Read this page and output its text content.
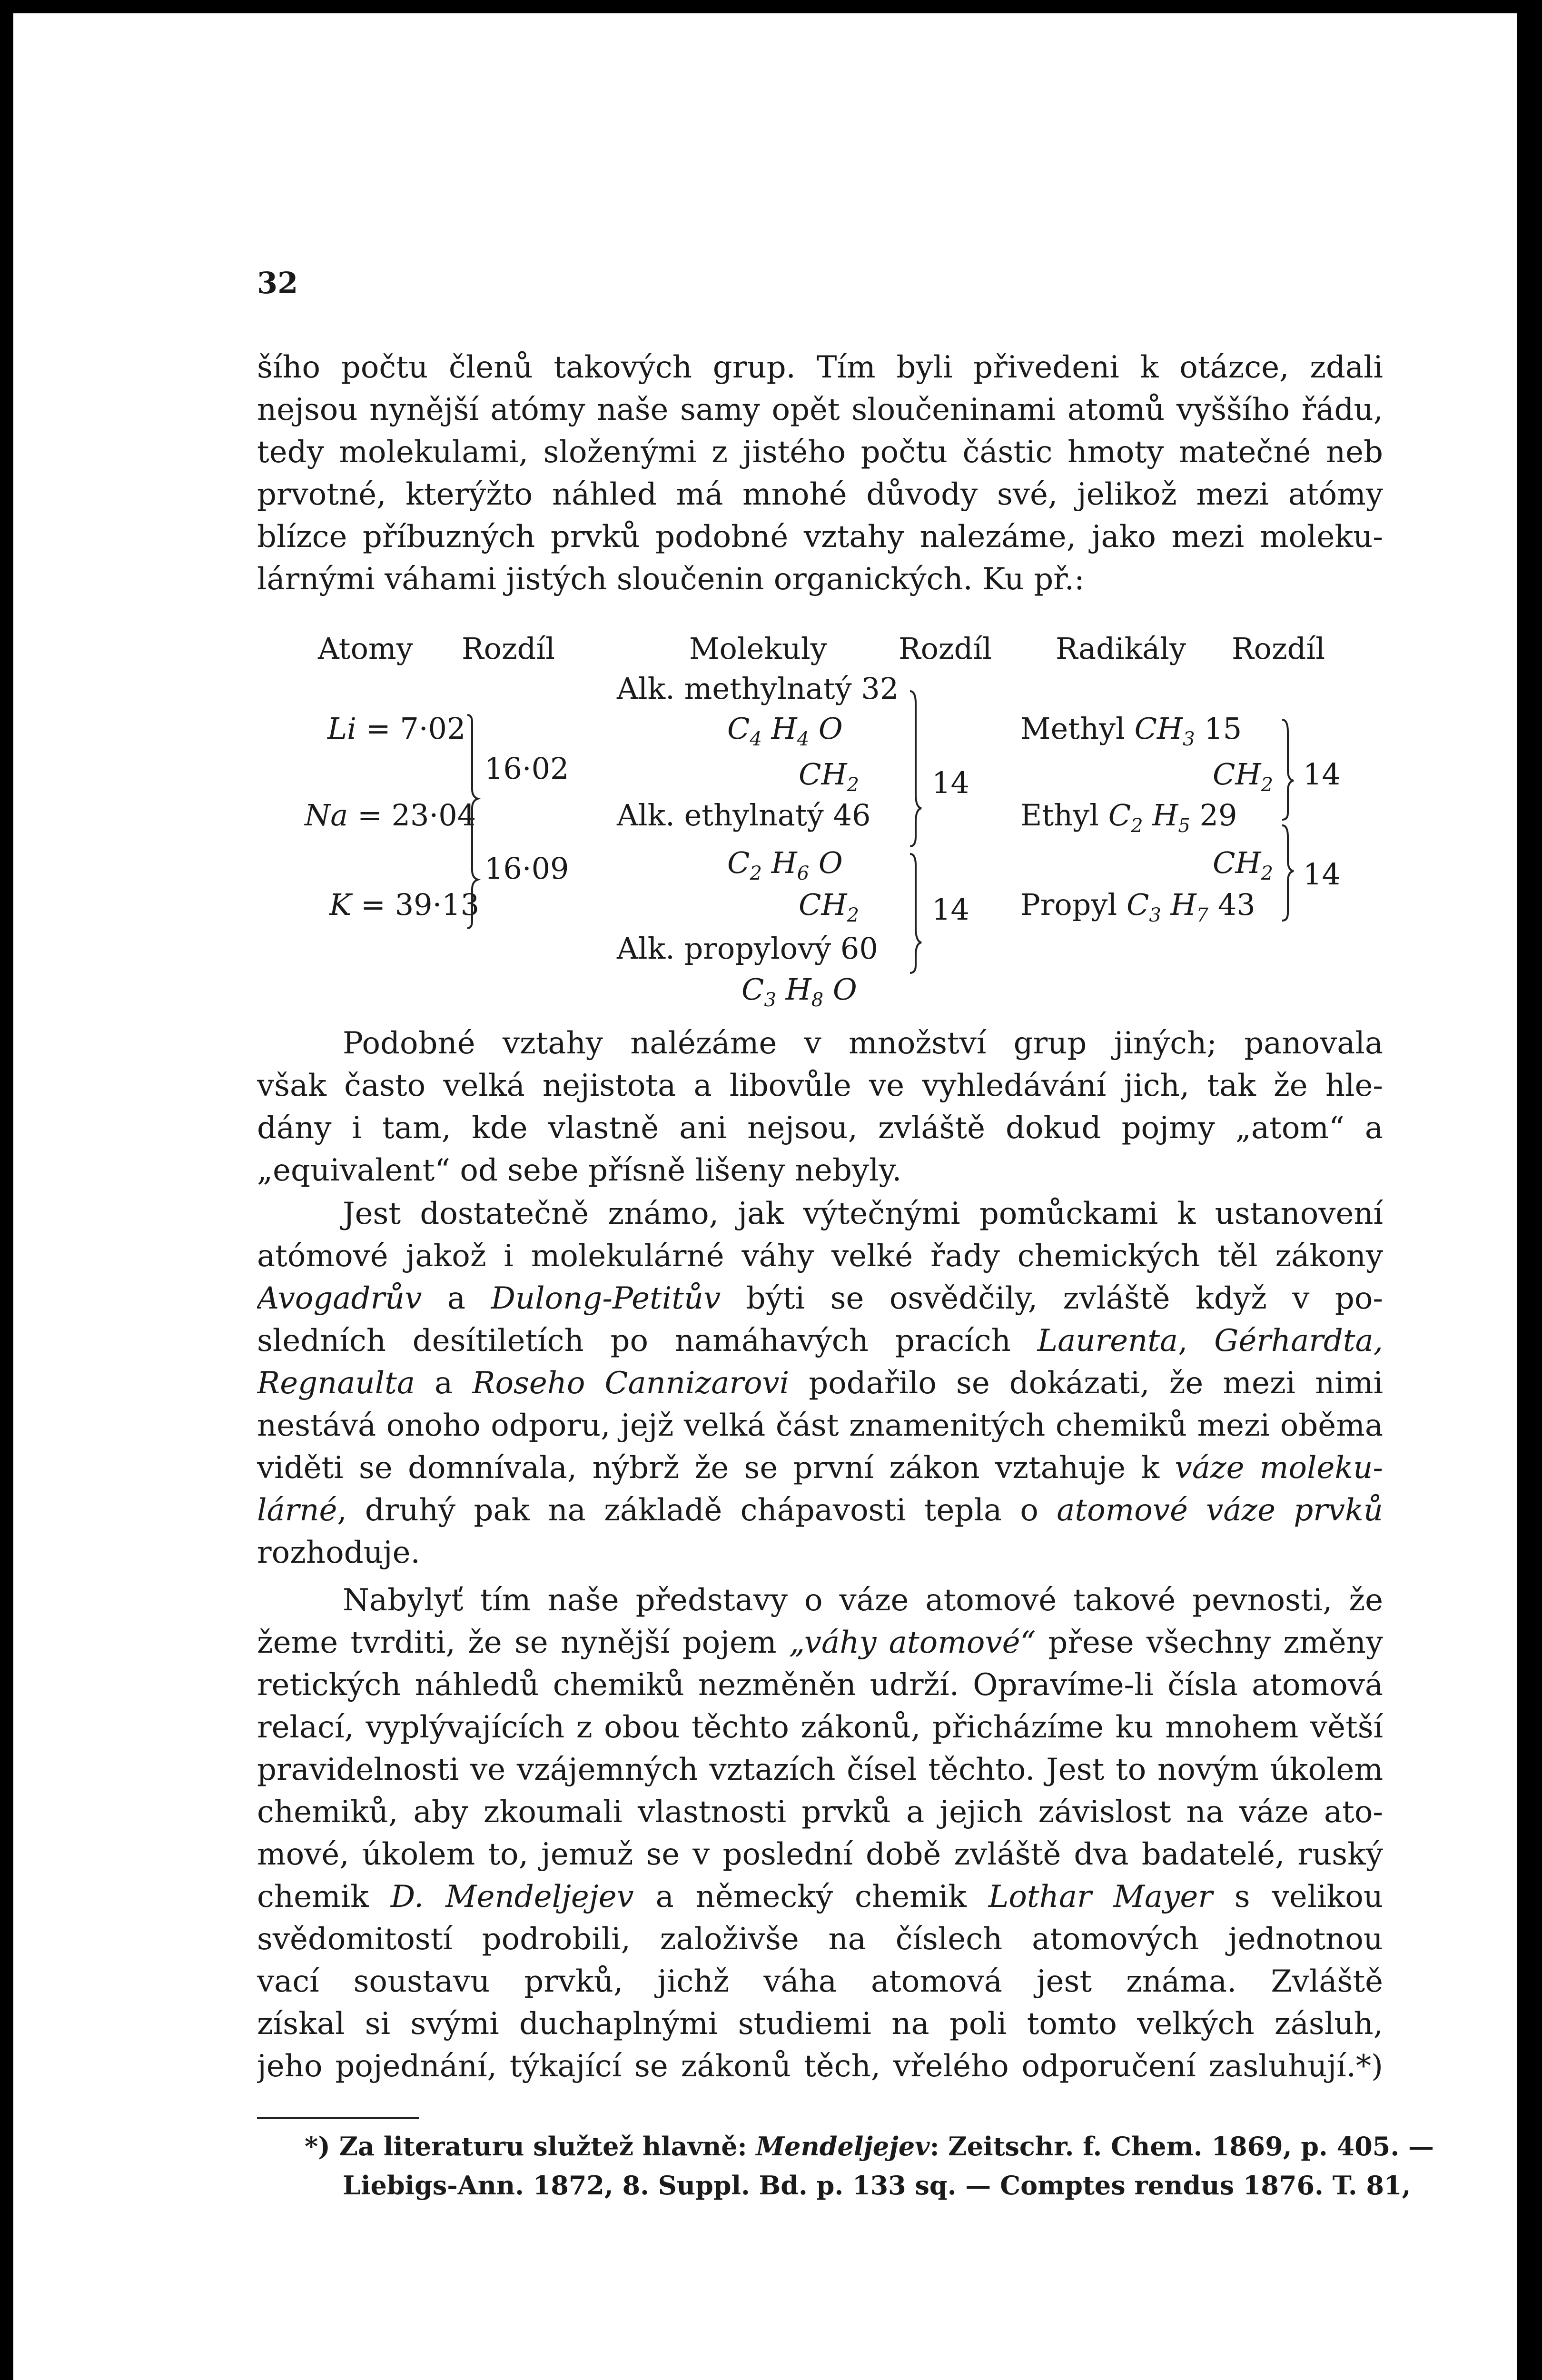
32
šího počtu členů takových grup. Tím byli přivedeni k otázce, zdali
nejsou nynější atómy naše samy opět sloučeninami atomů vyššího řádu,
tedy molekulami, složenými z jistého počtu částic hmoty matečné neb
prvotné, kterýžto náhled má mnohé důvody své, jelikož mezi atómy
blízce příbuzných prvků podobné vztahy nalezáme, jako mezi moleku-
lárnými váhami jistých sloučenin organických. Ku př.:
Atomy Rozdíl	Molekuly Rozdíl Radikály Rozdíl
Li = 7·02
Na = 23·04
K = 39·13
16·02
16·09
Alk. methylnatý 32
$C_4$ $H_4$ O
$CH_2$
Alk. ethylnatý 46
$C_2$ $H_6$ O
$CH_2$
Alk. propylový 60
$C_3$ $H_8$ O
14
14
Methyl $CH_3$ 15
$CH_2$
Ethyl $C_2$ $H_5$ 29
$CH_2$
Propyl $C_3$ $H_7$ 43
14
14
Podobné vztahy nalézáme v množství grup jiných; panovala
však často velká nejistota a libovůle ve vyhledávání jich, tak že hle-
dány i tam, kde vlastně ani nejsou, zvláště dokud pojmy „atom“ a
„equivalent“ od sebe přísně lišeny nebyly.
Jest dostatečně známo, jak výtečnými pomůckami k ustanovení
atómové jakož i molekulárné váhy velké řady chemických těl zákony
Avogadrův a Dulong-Petitův býti se osvědčily, zvláště když v po-
sledních desítiletích po namáhavých pracích Laurenta, Gérhardta,
Regnaulta a Roseho Cannizarovi podařilo se dokázati, že mezi nimi
nestává onoho odporu, jejž velká část znamenitých chemiků mezi oběma
viděti se domnívala, nýbrž že se první zákon vztahuje k váze moleku-
lárné, druhý pak na základě chápavosti tepla o atomové váze prvků
rozhoduje.
Nabylyť tím naše představy o váze atomové takové pevnosti, že
žeme tvrditi, že se nynější pojem „váhy atomové“ přese všechny změny
retických náhledů chemiků nezměněn udrží. Opravíme-li čísla atomová
relací, vyplývajících z obou těchto zákonů, přicházíme ku mnohem větší
pravidelnosti ve vzájemných vztazích čísel těchto. Jest to novým úkolem
chemiků, aby zkoumali vlastnosti prvků a jejich závislost na váze ato-
mové, úkolem to, jemuž se v poslední době zvláště dva badatelé, ruský
chemik D. Mendeljejev a německý chemik Lothar Mayer s velikou
svědomitostí podrobili, založivše na číslech atomových jednotnou
vací soustavu prvků, jichž váha atomová jest známa. Zvláště
získal si svými duchaplnými studiemi na poli tomto velkých zásluh,
jeho pojednání, týkající se zákonů těch, vřelého odporučení zasluhují.*)
*) Za literaturu služtež hlavně: Mendeljejev: Zeitschr. f. Chem. 1869, p. 405. —
Liebigs-Ann. 1872, 8. Suppl. Bd. p. 133 sq. — Comptes rendus 1876. T. 81,
